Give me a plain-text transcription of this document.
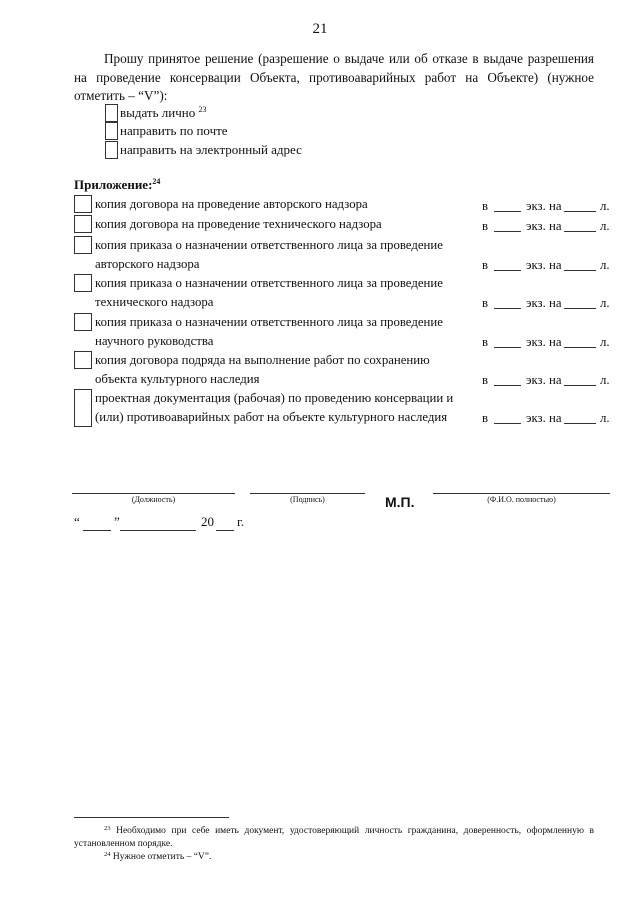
21
Прошу принятое решение (разрешение о выдаче или об отказе в выдаче разрешения на проведение консервации Объекта, противоаварийных работ на Объекте) (нужное отметить – “V”):
выдать лично $^{23}$
направить по почте
направить на электронный адрес
Приложение:$^{24}$
копия договора на проведение авторского надзора	в	экз. на	л.
копия договора на проведение технического надзора	в	экз. на	л.
копия приказа о назначении ответственного лица за проведение авторского надзора	в	экз. на	л.
копия приказа о назначении ответственного лица за проведение технического надзора	в	экз. на	л.
копия приказа о назначении ответственного лица за проведение научного руководства	в	экз. на	л.
копия договора подряда на выполнение работ по сохранению объекта культурного наследия	в	экз. на	л.
проектная документация (рабочая) по проведению консервации и (или) противоаварийных работ на объекте культурного наследия	в	экз. на	л.
(Должность)	(Подпись)	М.П.	(Ф.И.О. полностью)
“	”	20 г.
$^{23}$ Необходимо при себе иметь документ, удостоверяющий личность гражданина, доверенность, оформленную в установленном порядке.
$^{24}$ Нужное отметить – “V”.
